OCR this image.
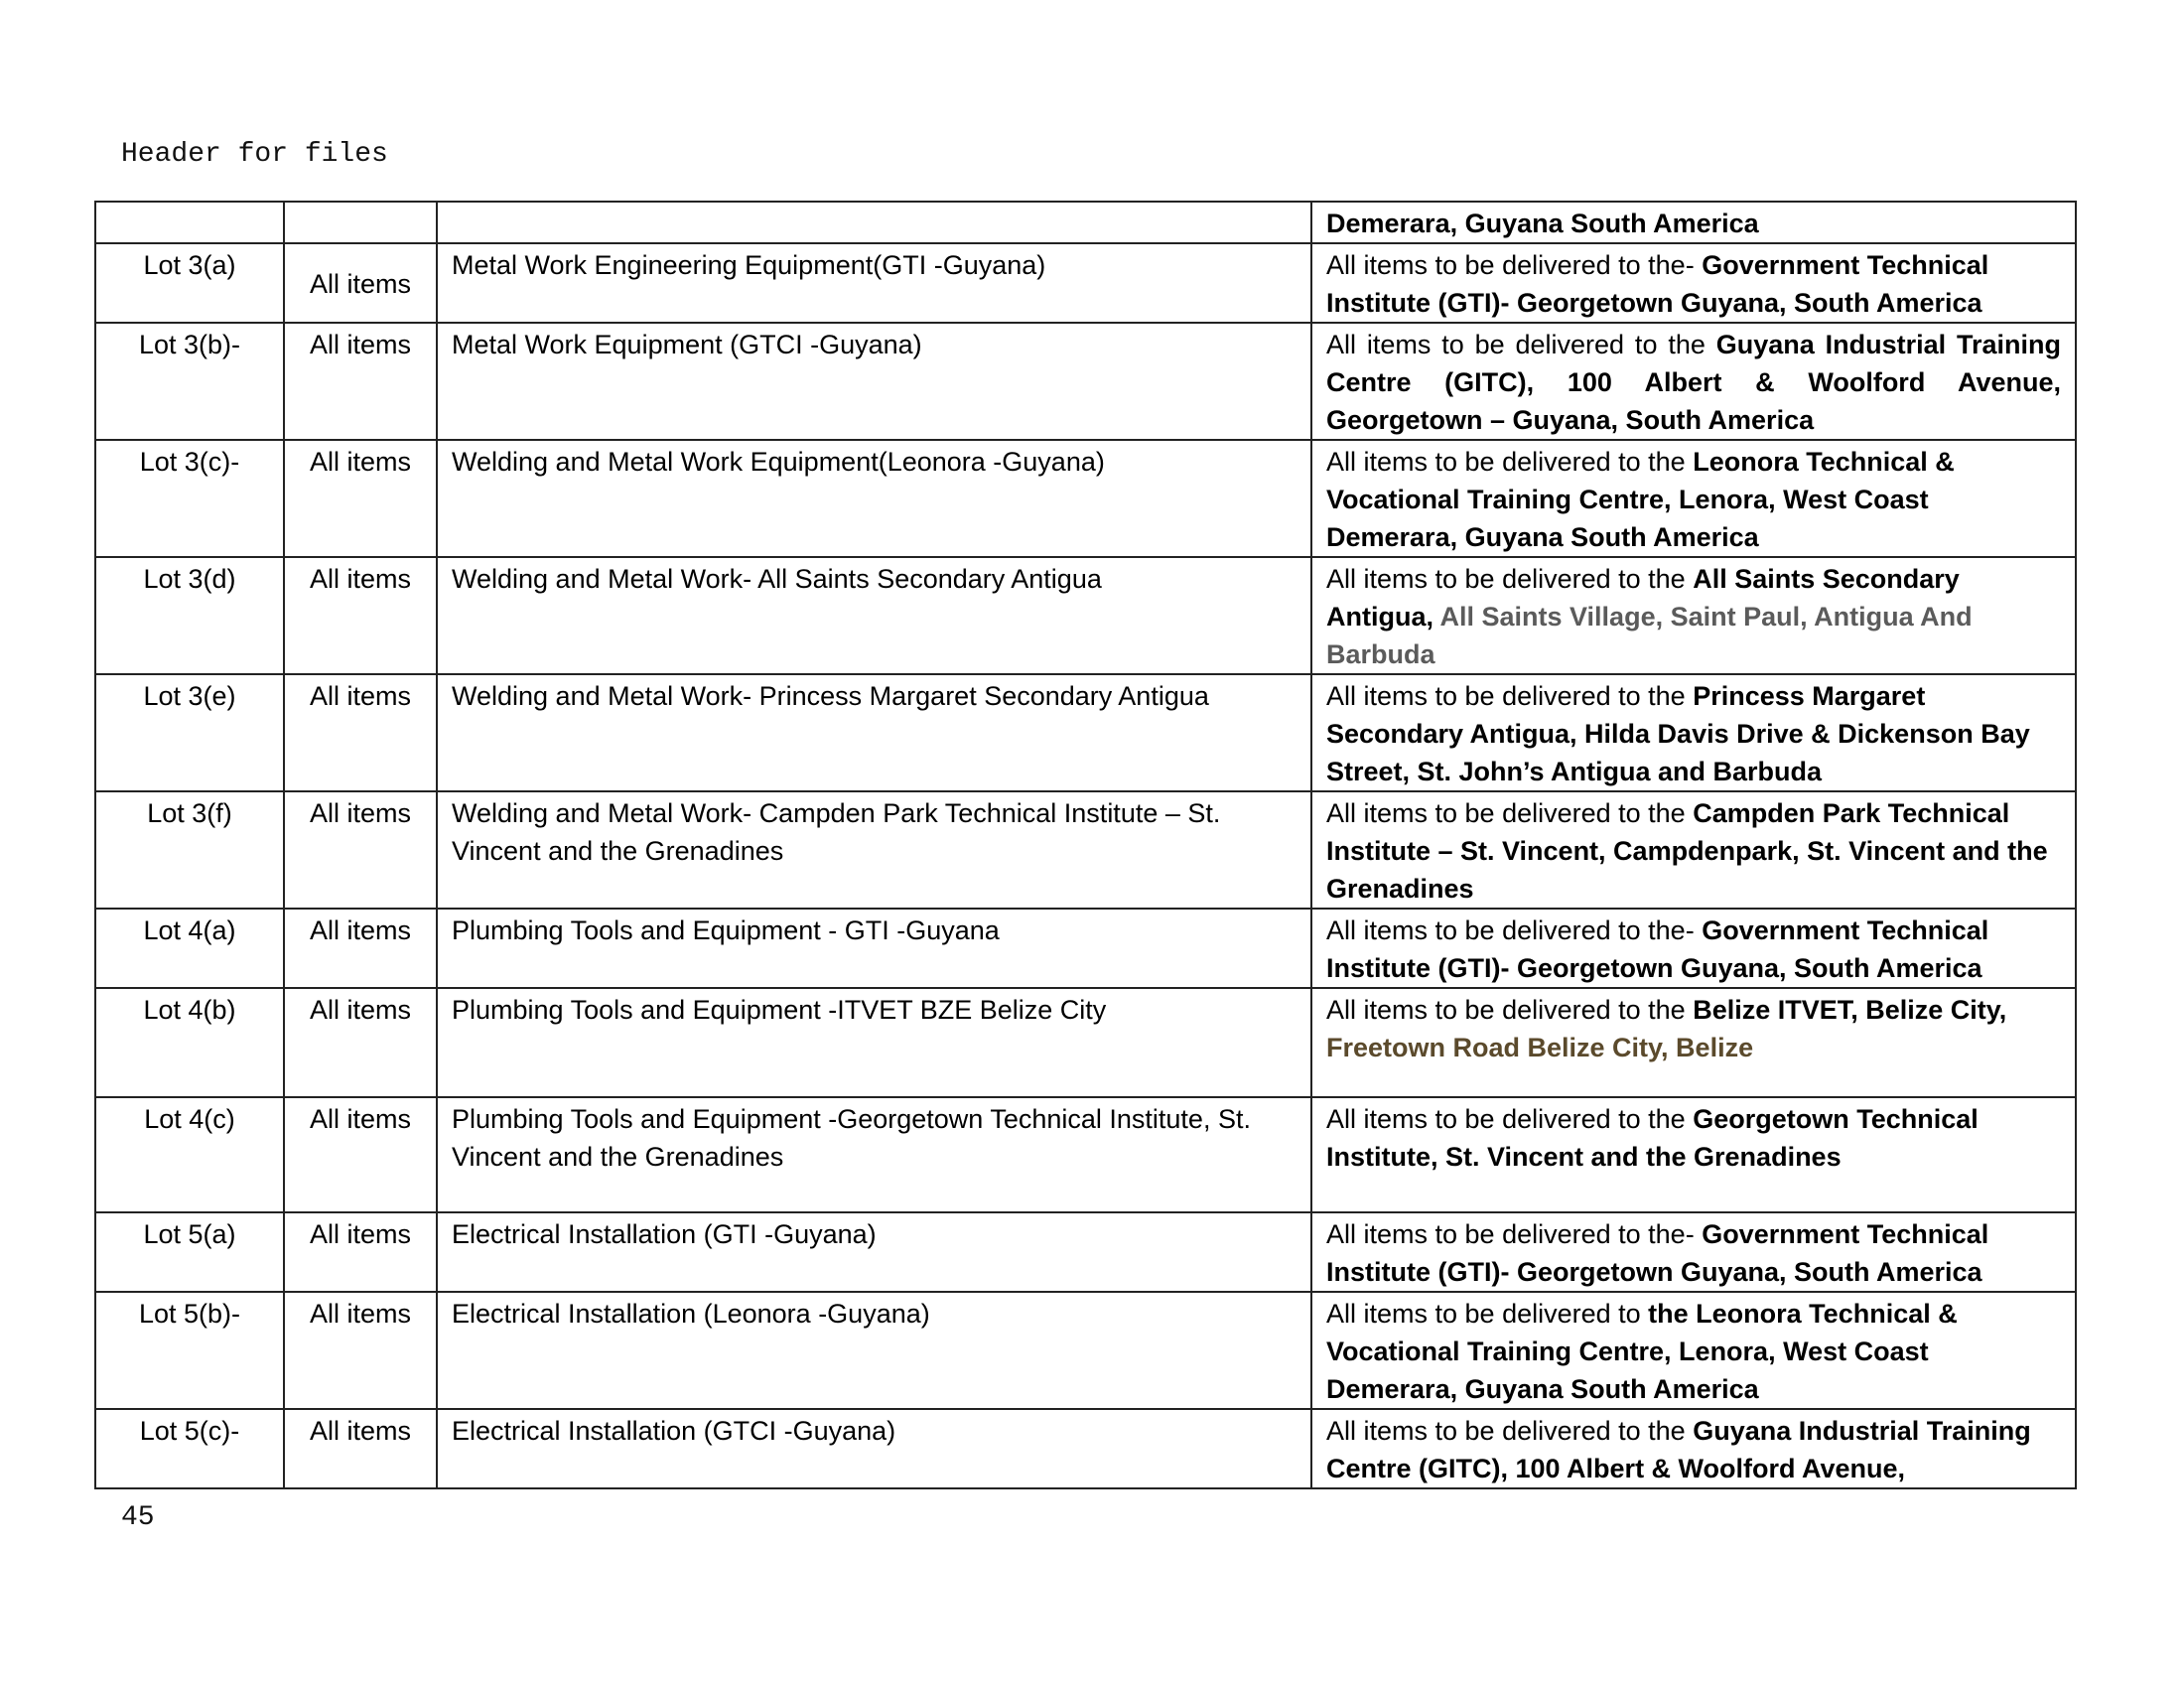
Header for files
			Demerara, Guyana South America
Lot 3(a)	All items	Metal Work Engineering Equipment(GTI -Guyana)	All items to be delivered to the- Government Technical Institute (GTI)- Georgetown Guyana, South America
Lot 3(b)-	All items	Metal Work Equipment (GTCI -Guyana)	All items to be delivered to the Guyana Industrial Training Centre (GITC), 100 Albert & Woolford Avenue, Georgetown – Guyana, South America
Lot 3(c)-	All items	Welding and Metal Work Equipment(Leonora -Guyana)	All items to be delivered to the Leonora Technical & Vocational Training Centre, Lenora, West Coast Demerara, Guyana South America
Lot 3(d)	All items	Welding and Metal Work- All Saints Secondary Antigua	All items to be delivered to the All Saints Secondary Antigua, All Saints Village, Saint Paul, Antigua And Barbuda
Lot 3(e)	All items	Welding and Metal Work- Princess Margaret Secondary Antigua	All items to be delivered to the Princess Margaret Secondary Antigua, Hilda Davis Drive & Dickenson Bay Street, St. John’s Antigua and Barbuda
Lot 3(f)	All items	Welding and Metal Work- Campden Park Technical Institute – St. Vincent and the Grenadines	All items to be delivered to the Campden Park Technical Institute – St. Vincent, Campdenpark, St. Vincent and the Grenadines
Lot 4(a)	All items	Plumbing Tools and Equipment - GTI -Guyana	All items to be delivered to the- Government Technical Institute (GTI)- Georgetown Guyana, South America
Lot 4(b)	All items	Plumbing Tools and Equipment -ITVET BZE Belize City	All items to be delivered to the Belize ITVET, Belize City, Freetown Road Belize City, Belize
Lot 4(c)	All items	Plumbing Tools and Equipment -Georgetown Technical Institute, St. Vincent and the Grenadines	All items to be delivered to the Georgetown Technical Institute, St. Vincent and the Grenadines
Lot 5(a)	All items	Electrical Installation (GTI -Guyana)	All items to be delivered to the- Government Technical Institute (GTI)- Georgetown Guyana, South America
Lot 5(b)-	All items	Electrical Installation (Leonora -Guyana)	All items to be delivered to the Leonora Technical & Vocational Training Centre, Lenora, West Coast Demerara, Guyana South America
Lot 5(c)-	All items	Electrical Installation (GTCI -Guyana)	All items to be delivered to the Guyana Industrial Training Centre (GITC), 100 Albert & Woolford Avenue,
45
